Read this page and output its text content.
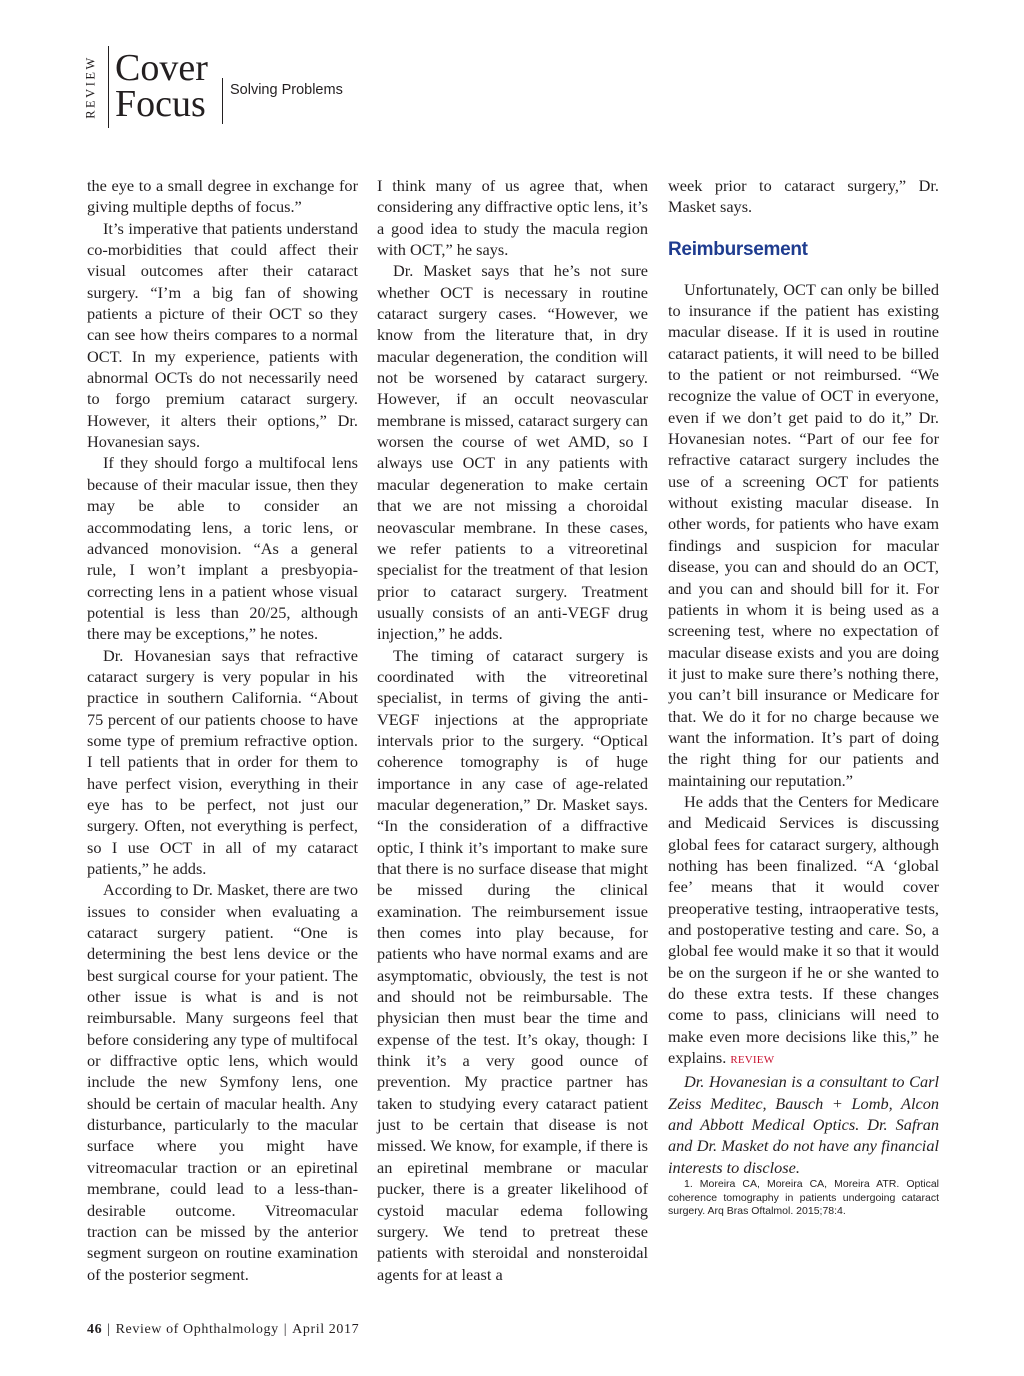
REVIEW Cover
Focus Solving Problems

the eye to a small degree in exchange for giving multiple depths of focus.”

It’s imperative that patients understand co-morbidities that could affect their visual outcomes after their cataract surgery. “I’m a big fan of showing patients a picture of their OCT so they can see how theirs compares to a normal OCT. In my experience, patients with abnormal OCTs do not necessarily need to forgo premium cataract surgery. However, it alters their options,” Dr. Hovanesian says.

If they should forgo a multifocal lens because of their macular issue, then they may be able to consider an accommodating lens, a toric lens, or advanced monovision. “As a general rule, I won’t implant a presbyopia-correcting lens in a patient whose visual potential is less than 20/25, although there may be exceptions,” he notes.

Dr. Hovanesian says that refractive cataract surgery is very popular in his practice in southern California. “About 75 percent of our patients choose to have some type of premium refractive option. I tell patients that in order for them to have perfect vision, everything in their eye has to be perfect, not just our surgery. Often, not everything is perfect, so I use OCT in all of my cataract patients,” he adds.

According to Dr. Masket, there are two issues to consider when evaluating a cataract surgery patient. “One is determining the best lens device or the best surgical course for your patient. The other issue is what is and is not reimbursable. Many surgeons feel that before considering any type of multifocal or diffractive optic lens, which would include the new Symfony lens, one should be certain of macular health. Any disturbance, particularly to the macular surface where you might have vitreomacular traction or an epiretinal membrane, could lead to a less-than-desirable outcome. Vitreomacular traction can be missed by the anterior segment surgeon on routine examination of the posterior segment.

I think many of us agree that, when considering any diffractive optic lens, it’s a good idea to study the macula region with OCT,” he says.

Dr. Masket says that he’s not sure whether OCT is necessary in routine cataract surgery cases. “However, we know from the literature that, in dry macular degeneration, the condition will not be worsened by cataract surgery. However, if an occult neovascular membrane is missed, cataract surgery can worsen the course of wet AMD, so I always use OCT in any patients with macular degeneration to make certain that we are not missing a choroidal neovascular membrane. In these cases, we refer patients to a vitreoretinal specialist for the treatment of that lesion prior to cataract surgery. Treatment usually consists of an anti-VEGF drug injection,” he adds.

The timing of cataract surgery is coordinated with the vitreoretinal specialist, in terms of giving the anti-VEGF injections at the appropriate intervals prior to the surgery. “Optical coherence tomography is of huge importance in any case of age-related macular degeneration,” Dr. Masket says. “In the consideration of a diffractive optic, I think it’s important to make sure that there is no surface disease that might be missed during the clinical examination. The reimbursement issue then comes into play because, for patients who have normal exams and are asymptomatic, obviously, the test is not and should not be reimbursable. The physician then must bear the time and expense of the test. It’s okay, though: I think it’s a very good ounce of prevention. My practice partner has taken to studying every cataract patient just to be certain that disease is not missed. We know, for example, if there is an epiretinal membrane or macular pucker, there is a greater likelihood of cystoid macular edema following surgery. We tend to pretreat these patients with steroidal and nonsteroidal agents for at least a

week prior to cataract surgery,” Dr. Masket says.

Reimbursement

Unfortunately, OCT can only be billed to insurance if the patient has existing macular disease. If it is used in routine cataract patients, it will need to be billed to the patient or not reimbursed. “We recognize the value of OCT in everyone, even if we don’t get paid to do it,” Dr. Hovanesian notes. “Part of our fee for refractive cataract surgery includes the use of a screening OCT for patients without existing macular disease. In other words, for patients who have exam findings and suspicion for macular disease, you can and should do an OCT, and you can and should bill for it. For patients in whom it is being used as a screening test, where no expectation of macular disease exists and you are doing it just to make sure there’s nothing there, you can’t bill insurance or Medicare for that. We do it for no charge because we want the information. It’s part of doing the right thing for our patients and maintaining our reputation.”

He adds that the Centers for Medicare and Medicaid Services is discussing global fees for cataract surgery, although nothing has been finalized. “A ‘global fee’ means that it would cover preoperative testing, intraoperative tests, and postoperative testing and care. So, a global fee would make it so that it would be on the surgeon if he or she wanted to do these extra tests. If these changes come to pass, clinicians will need to make even more decisions like this,” he explains. REVIEW

Dr. Hovanesian is a consultant to Carl Zeiss Meditec, Bausch + Lomb, Alcon and Abbott Medical Optics. Dr. Safran and Dr. Masket do not have any financial interests to disclose.

1. Moreira CA, Moreira CA, Moreira ATR. Optical coherence tomography in patients undergoing cataract surgery. Arq Bras Oftalmol. 2015;78:4.

46 | Review of Ophthalmology | April 2017
